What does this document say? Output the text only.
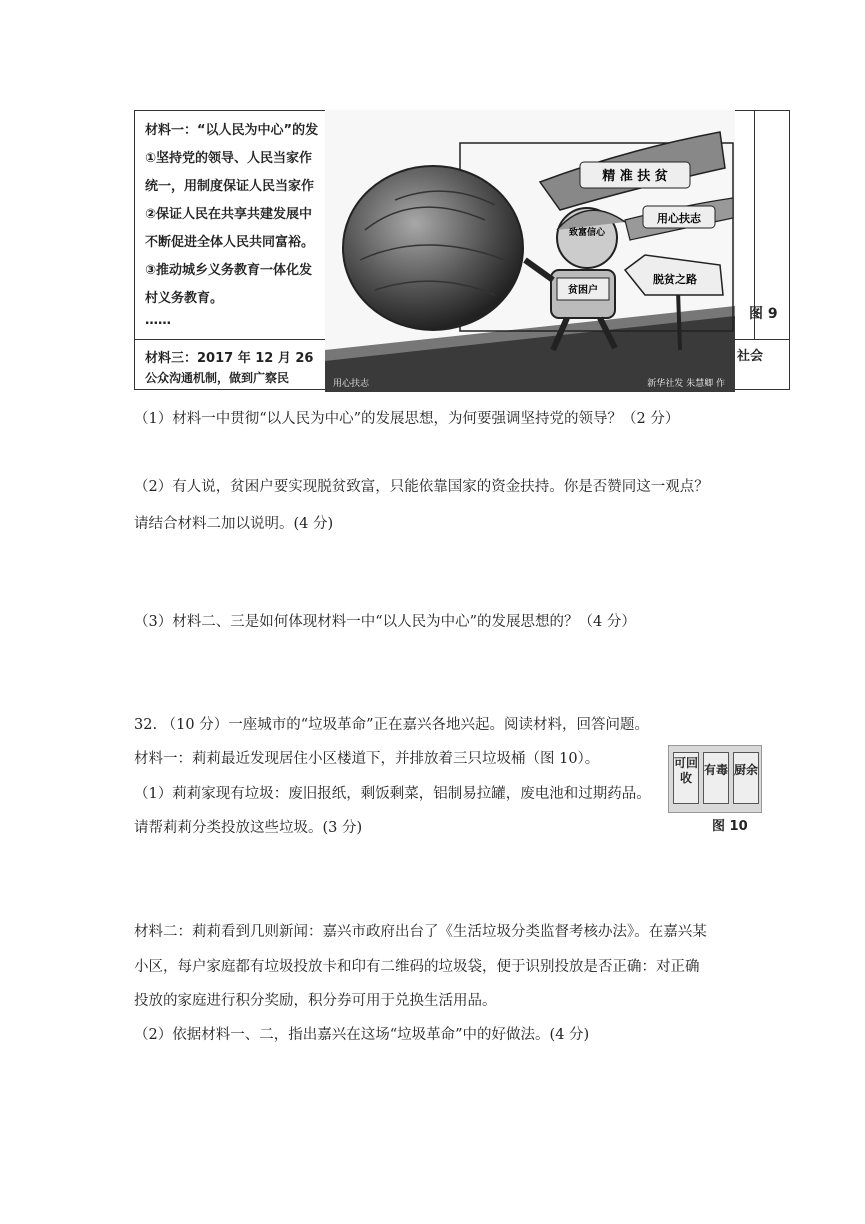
材料一：“以人民为中心”的发
①坚持党的领导、人民当家作
统一，用制度保证人民当家作
②保证人民在共享共建发展中
不断促进全体人民共同富裕。
③推动城乡义务教育一体化发
村义务教育。
……
材料三：2017 年 12 月 26
公众沟通机制，做到广察民
图 9
社会
精 准 扶 贫
用心扶志
脱贫之路
贫困户
致富信心
用心扶志	新华社发 朱慧卿 作
（1）材料一中贯彻“以人民为中心”的发展思想，为何要强调坚持党的领导？（2 分）
（2）有人说，贫困户要实现脱贫致富，只能依靠国家的资金扶持。你是否赞同这一观点？
请结合材料二加以说明。(4 分)
（3）材料二、三是如何体现材料一中“以人民为中心”的发展思想的？（4 分）
32. （10 分）一座城市的“垃圾革命”正在嘉兴各地兴起。阅读材料，回答问题。
材料一：莉莉最近发现居住小区楼道下，并排放着三只垃圾桶（图 10）。
（1）莉莉家现有垃圾：废旧报纸，剩饭剩菜，铝制易拉罐，废电池和过期药品。
请帮莉莉分类投放这些垃圾。(3 分)
材料二：莉莉看到几则新闻：嘉兴市政府出台了《生活垃圾分类监督考核办法》。在嘉兴某
小区，每户家庭都有垃圾投放卡和印有二维码的垃圾袋，便于识别投放是否正确：对正确
投放的家庭进行积分奖励，积分券可用于兑换生活用品。
（2）依据材料一、二，指出嘉兴在这场“垃圾革命”中的好做法。(4 分)
可回收
有毒 厨余
图 10
